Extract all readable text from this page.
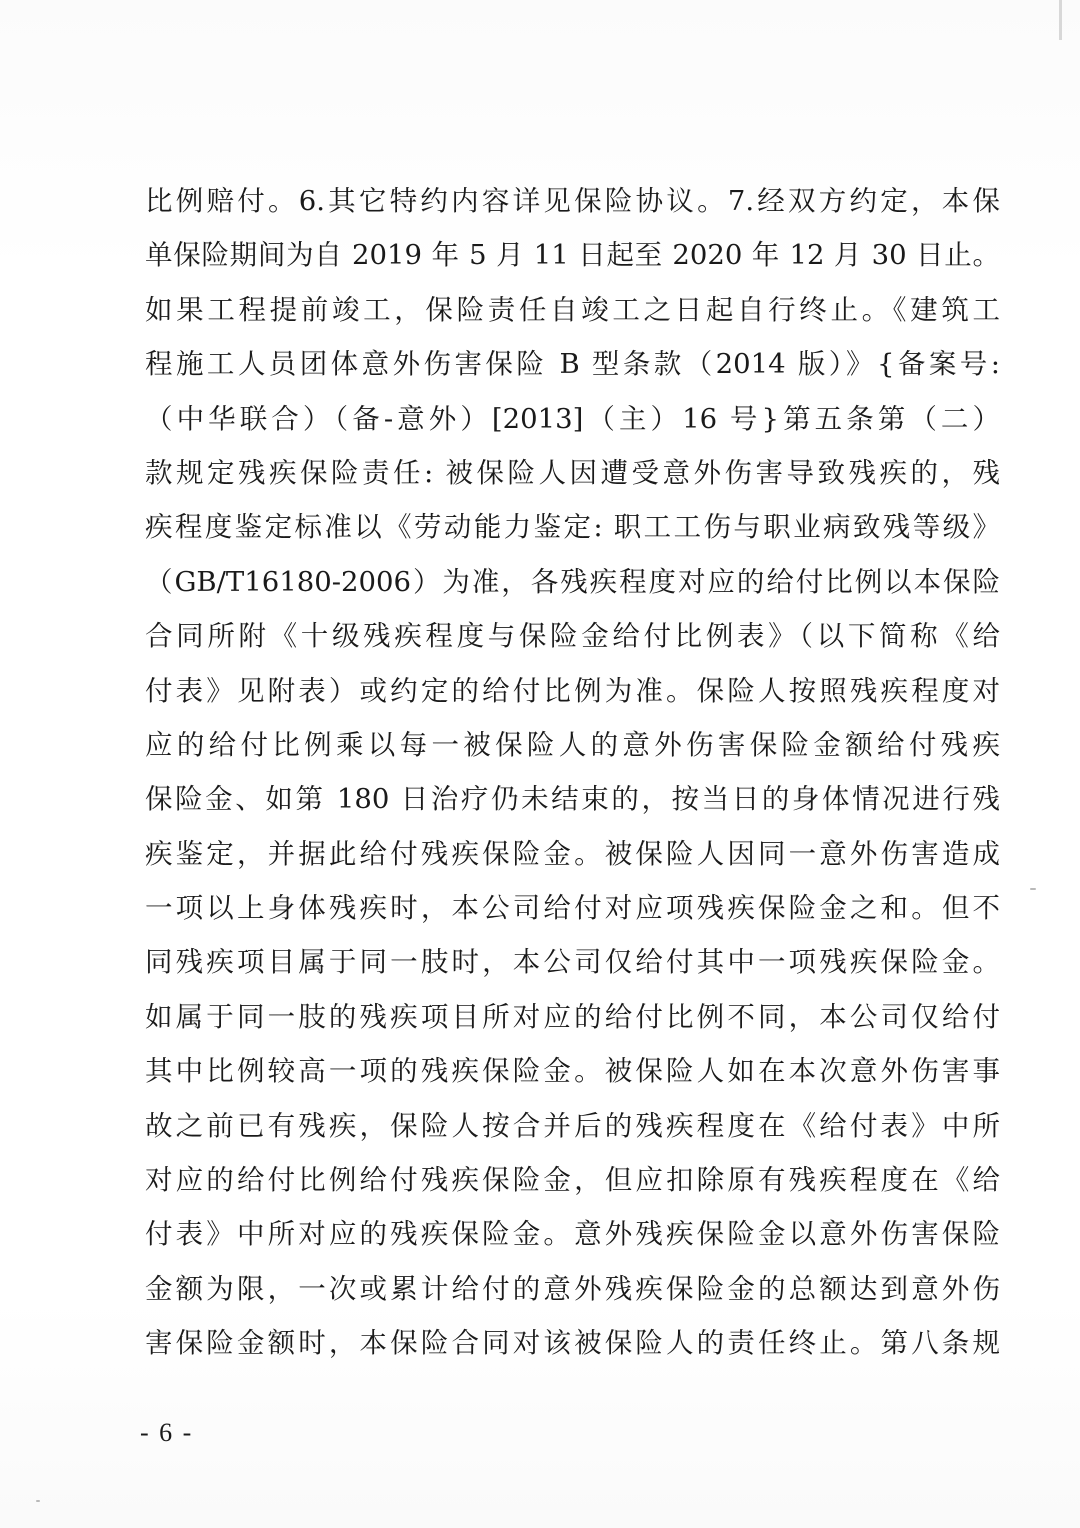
比例赔付。6.其它特约内容详见保险协议。7.经双方约定，本保
单保险期间为自 2019 年 5 月 11 日起至 2020 年 12 月 30 日止。
如果工程提前竣工，保险责任自竣工之日起自行终止。《建筑工
程施工人员团体意外伤害保险 B 型条款（2014 版）》{备案号:
（中华联合）（备-意外）[2013]（主）16 号}第五条第（二）
款规定残疾保险责任: 被保险人因遭受意外伤害导致残疾的，残
疾程度鉴定标准以《劳动能力鉴定: 职工工伤与职业病致残等级》
（GB/T16180-2006）为准，各残疾程度对应的给付比例以本保险
合同所附《十级残疾程度与保险金给付比例表》（以下简称《给
付表》见附表）或约定的给付比例为准。保险人按照残疾程度对
应的给付比例乘以每一被保险人的意外伤害保险金额给付残疾
保险金、如第 180 日治疗仍未结束的，按当日的身体情况进行残
疾鉴定，并据此给付残疾保险金。被保险人因同一意外伤害造成
一项以上身体残疾时，本公司给付对应项残疾保险金之和。但不
同残疾项目属于同一肢时，本公司仅给付其中一项残疾保险金。
如属于同一肢的残疾项目所对应的给付比例不同，本公司仅给付
其中比例较高一项的残疾保险金。被保险人如在本次意外伤害事
故之前已有残疾，保险人按合并后的残疾程度在《给付表》中所
对应的给付比例给付残疾保险金，但应扣除原有残疾程度在《给
付表》中所对应的残疾保险金。意外残疾保险金以意外伤害保险
金额为限，一次或累计给付的意外残疾保险金的总额达到意外伤
害保险金额时，本保险合同对该被保险人的责任终止。第八条规
- 6 -
